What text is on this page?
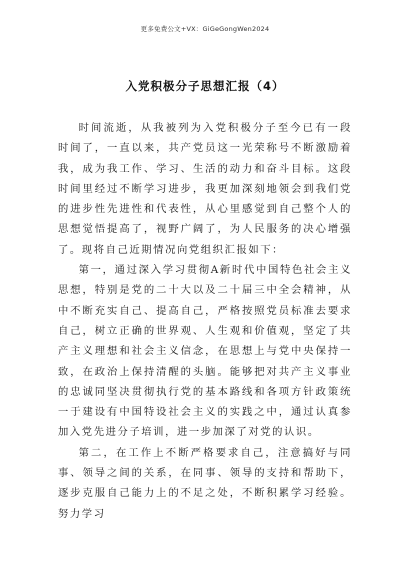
更多免费公文+VX：GiGeGongWen2024
入党积极分子思想汇报（4）

时间流逝，从我被列为入党积极分子至今已有一段时间了，一直以来，共产党员这一光荣称号不断激励着我，成为我工作、学习、生活的动力和奋斗目标。这段时间里经过不断学习进步，我更加深刻地领会到我们党的进步性先进性和代表性，从心里感觉到自己整个人的思想觉悟提高了，视野广阔了，为人民服务的决心增强了。现将自己近期情况向党组织汇报如下：

第一，通过深入学习贯彻A新时代中国特色社会主义思想，特别是党的二十大以及二十届三中全会精神，从中不断充实自己、提高自己，严格按照党员标准去要求自己，树立正确的世界观、人生观和价值观，坚定了共产主义理想和社会主义信念，在思想上与党中央保持一致，在政治上保持清醒的头脑。能够把对共产主义事业的忠诚同坚决贯彻执行党的基本路线和各项方针政策统一于建设有中国特设社会主义的实践之中，通过认真参加入党先进分子培训，进一步加深了对党的认识。

第二，在工作上不断严格要求自己，注意搞好与同事、领导之间的关系，在同事、领导的支持和帮助下，逐步克服自己能力上的不足之处，不断积累学习经验。努力学习
